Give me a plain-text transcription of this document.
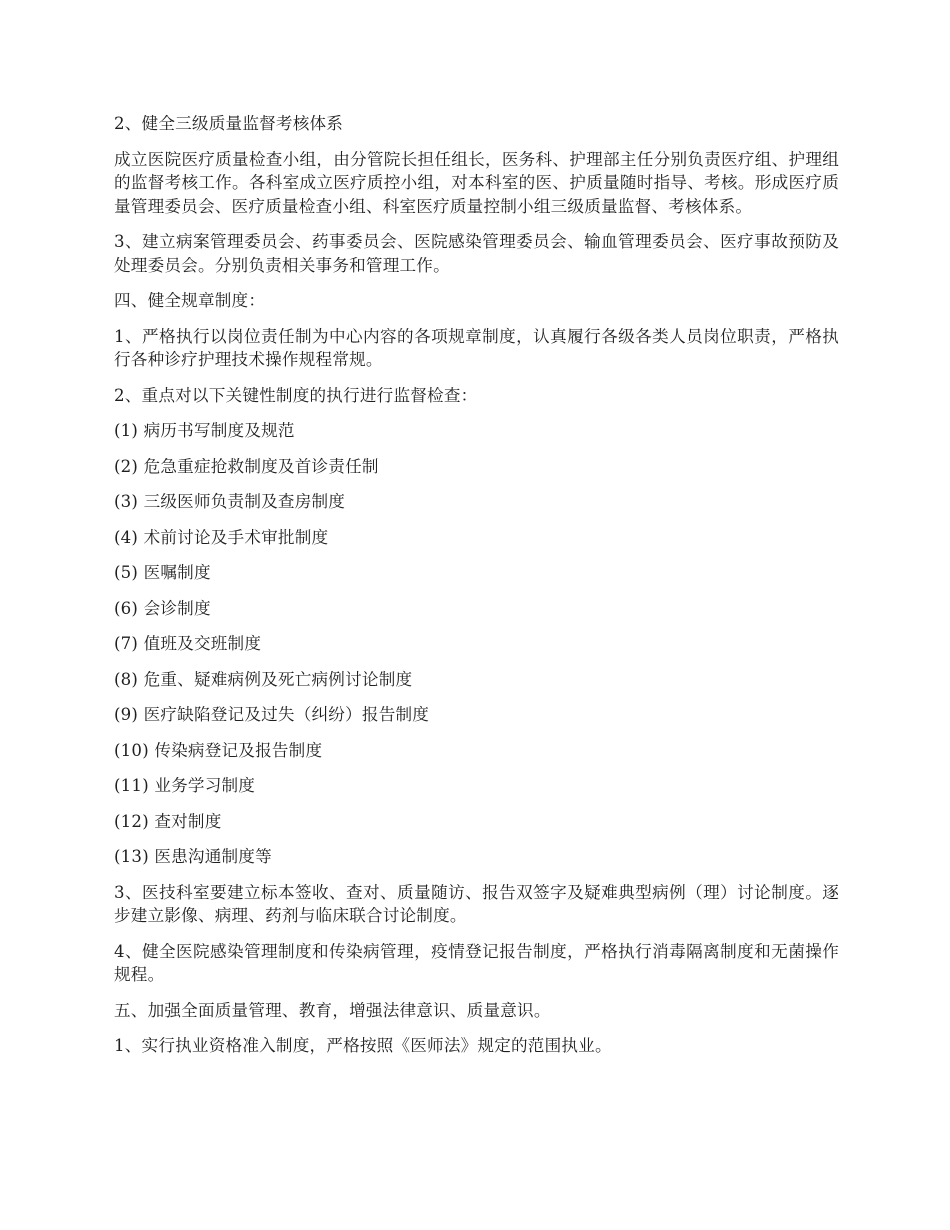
2、健全三级质量监督考核体系

成立医院医疗质量检查小组，由分管院长担任组长，医务科、护理部主任分别负责医疗组、护理组的监督考核工作。各科室成立医疗质控小组，对本科室的医、护质量随时指导、考核。形成医疗质量管理委员会、医疗质量检查小组、科室医疗质量控制小组三级质量监督、考核体系。

3、建立病案管理委员会、药事委员会、医院感染管理委员会、输血管理委员会、医疗事故预防及处理委员会。分别负责相关事务和管理工作。

四、健全规章制度：

1、严格执行以岗位责任制为中心内容的各项规章制度，认真履行各级各类人员岗位职责，严格执行各种诊疗护理技术操作规程常规。

2、重点对以下关键性制度的执行进行监督检查：

(1) 病历书写制度及规范

(2) 危急重症抢救制度及首诊责任制

(3) 三级医师负责制及查房制度

(4) 术前讨论及手术审批制度

(5) 医嘱制度

(6) 会诊制度

(7) 值班及交班制度

(8) 危重、疑难病例及死亡病例讨论制度

(9) 医疗缺陷登记及过失（纠纷）报告制度

(10) 传染病登记及报告制度

(11) 业务学习制度

(12) 查对制度

(13) 医患沟通制度等

3、医技科室要建立标本签收、查对、质量随访、报告双签字及疑难典型病例（理）讨论制度。逐步建立影像、病理、药剂与临床联合讨论制度。

4、健全医院感染管理制度和传染病管理，疫情登记报告制度，严格执行消毒隔离制度和无菌操作规程。

五、加强全面质量管理、教育，增强法律意识、质量意识。

1、实行执业资格准入制度，严格按照《医师法》规定的范围执业。
